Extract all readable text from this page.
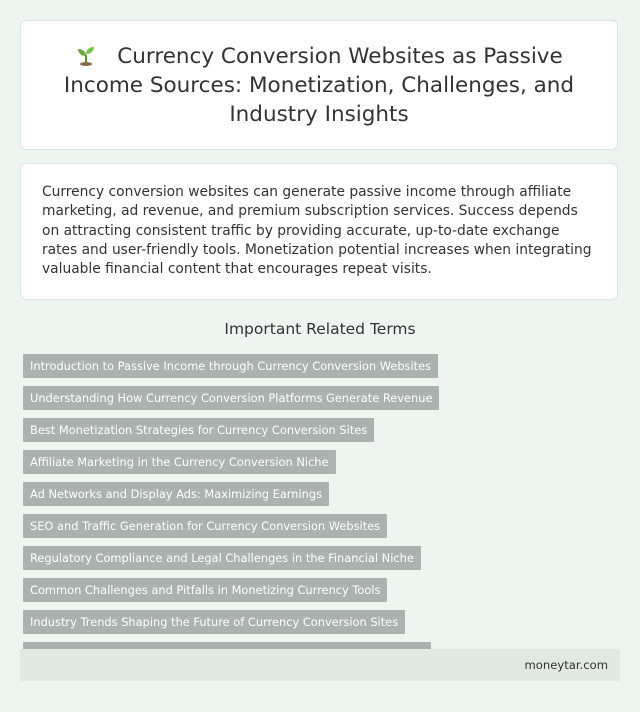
Currency Conversion Websites as Passive Income Sources: Monetization, Challenges, and Industry Insights

Currency conversion websites can generate passive income through affiliate marketing, ad revenue, and premium subscription services. Success depends on attracting consistent traffic by providing accurate, up-to-date exchange rates and user-friendly tools. Monetization potential increases when integrating valuable financial content that encourages repeat visits.

Important Related Terms
Introduction to Passive Income through Currency Conversion Websites
Understanding How Currency Conversion Platforms Generate Revenue
Best Monetization Strategies for Currency Conversion Sites
Affiliate Marketing in the Currency Conversion Niche
Ad Networks and Display Ads: Maximizing Earnings
SEO and Traffic Generation for Currency Conversion Websites
Regulatory Compliance and Legal Challenges in the Financial Niche
Common Challenges and Pitfalls in Monetizing Currency Tools
Industry Trends Shaping the Future of Currency Conversion Sites
moneytar.com
